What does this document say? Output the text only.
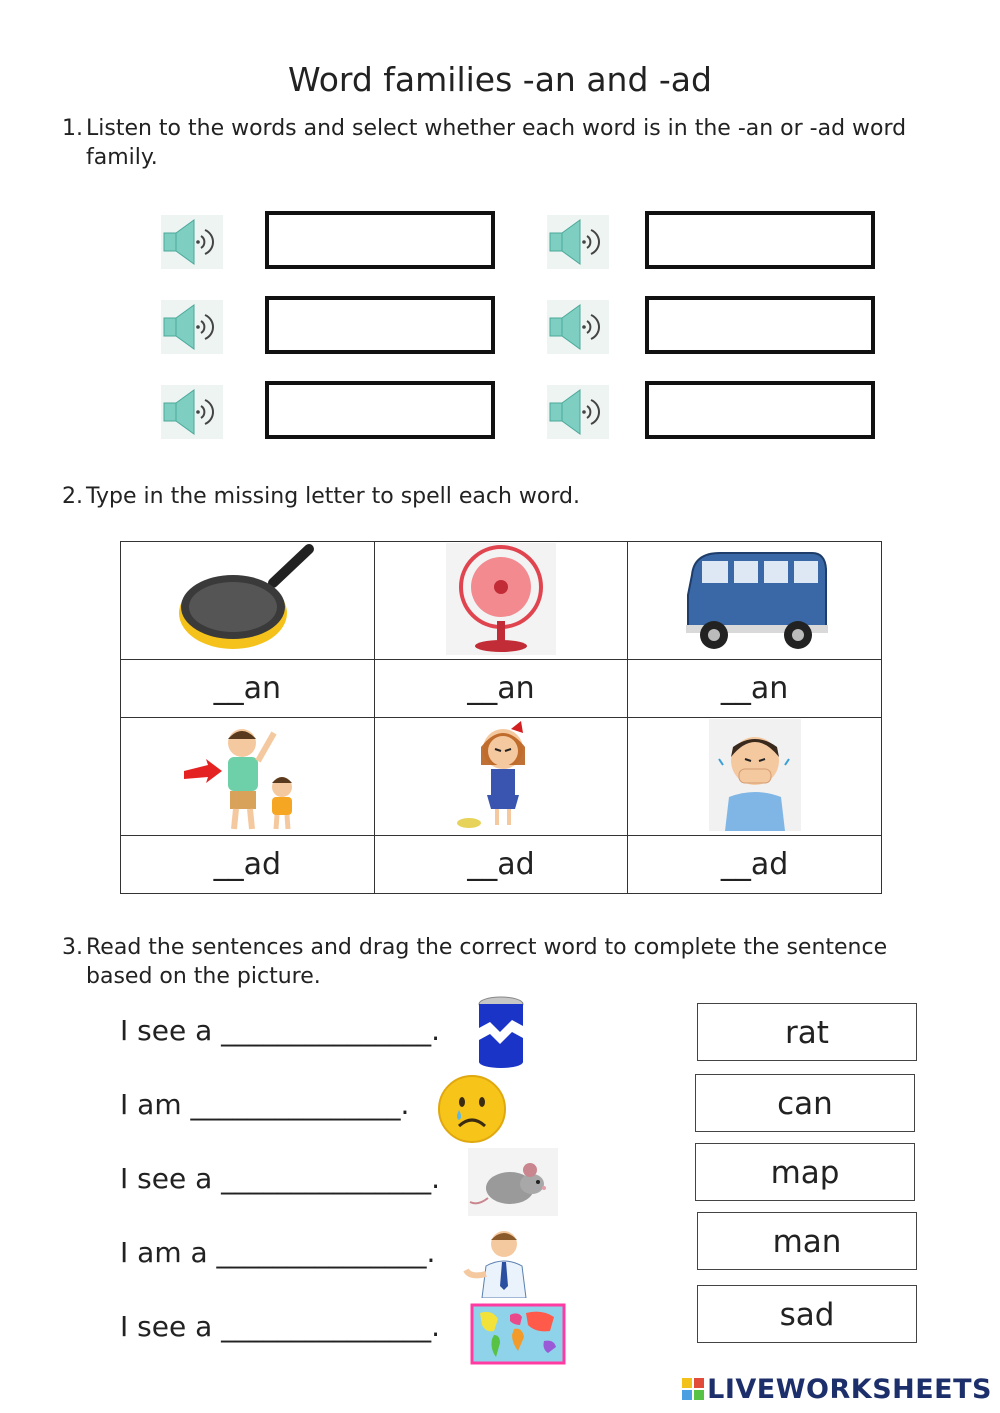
Word families -an and -ad
1. Listen to the words and select whether each word is in the -an or -ad word
family.
2. Type in the missing letter to spell each word.

__an	__an	__an

__ad	__ad	__ad
3. Read the sentences and drag the correct word to complete the sentence
based on the picture.
I see a _______________.
I am _______________.
I see a _______________.
I am a _______________.
I see a _______________.
rat
can
map
man
sad
LIVEWORKSHEETS
